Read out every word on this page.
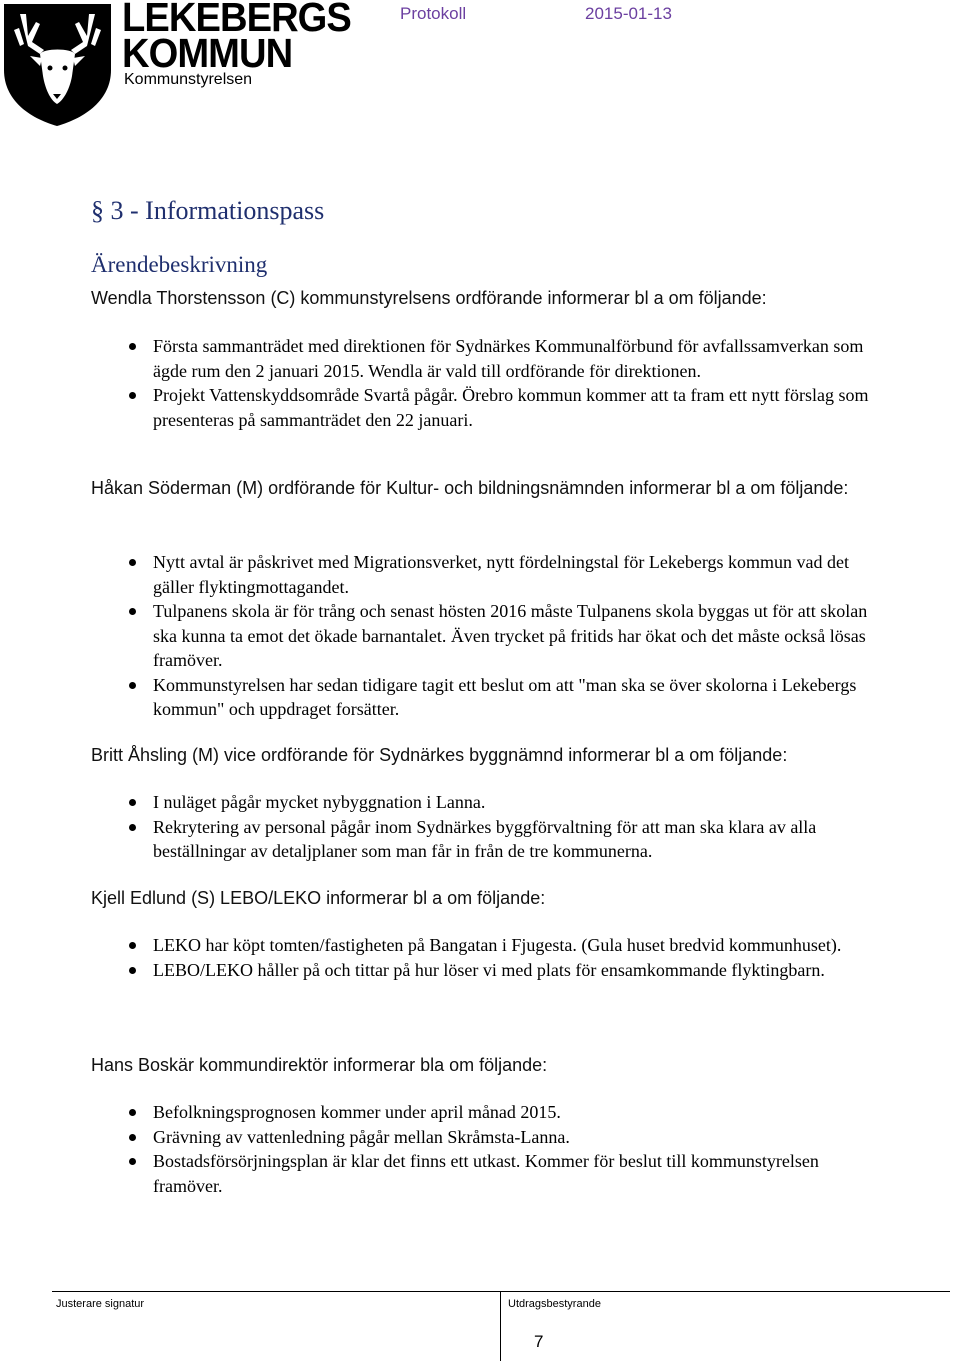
LEKEBERGS
KOMMUN
Kommunstyrelsen
Protokoll	2015-01-13
§ 3 - Informationspass
Ärendebeskrivning
Wendla Thorstensson (C) kommunstyrelsens ordförande informerar bl a om följande:
Första sammanträdet med direktionen för Sydnärkes Kommunalförbund för avfallssamverkan som ägde rum den 2 januari 2015. Wendla är vald till ordförande för direktionen.
Projekt Vattenskyddsområde Svartå pågår. Örebro kommun kommer att ta fram ett nytt förslag som presenteras på sammanträdet den 22 januari.
Håkan Söderman (M) ordförande för Kultur- och bildningsnämnden informerar bl a om följande:
Nytt avtal är påskrivet med Migrationsverket, nytt fördelningstal för Lekebergs kommun vad det gäller flyktingmottagandet.
Tulpanens skola är för trång och senast hösten 2016 måste Tulpanens skola byggas ut för att skolan ska kunna ta emot det ökade barnantalet. Även trycket på fritids har ökat och det måste också lösas framöver.
Kommunstyrelsen har sedan tidigare tagit ett beslut om att "man ska se över skolorna i Lekebergs kommun" och uppdraget forsätter.
Britt Åhsling (M) vice ordförande för Sydnärkes byggnämnd informerar bl a om följande:
I nuläget pågår mycket nybyggnation i Lanna.
Rekrytering av personal pågår inom Sydnärkes byggförvaltning för att man ska klara av alla beställningar av detaljplaner som man får in från de tre kommunerna.
Kjell Edlund (S) LEBO/LEKO informerar bl a om följande:
LEKO har köpt tomten/fastigheten på Bangatan i Fjugesta. (Gula huset bredvid kommunhuset).
LEBO/LEKO håller på och tittar på hur löser vi med plats för ensamkommande flyktingbarn.
Hans Boskär kommundirektör informerar bla om följande:
Befolkningsprognosen kommer under april månad 2015.
Grävning av vattenledning pågår mellan Skråmsta-Lanna.
Bostadsförsörjningsplan är klar det finns ett utkast. Kommer för beslut till kommunstyrelsen framöver.
Justerare signatur	Utdragsbestyrande
7
